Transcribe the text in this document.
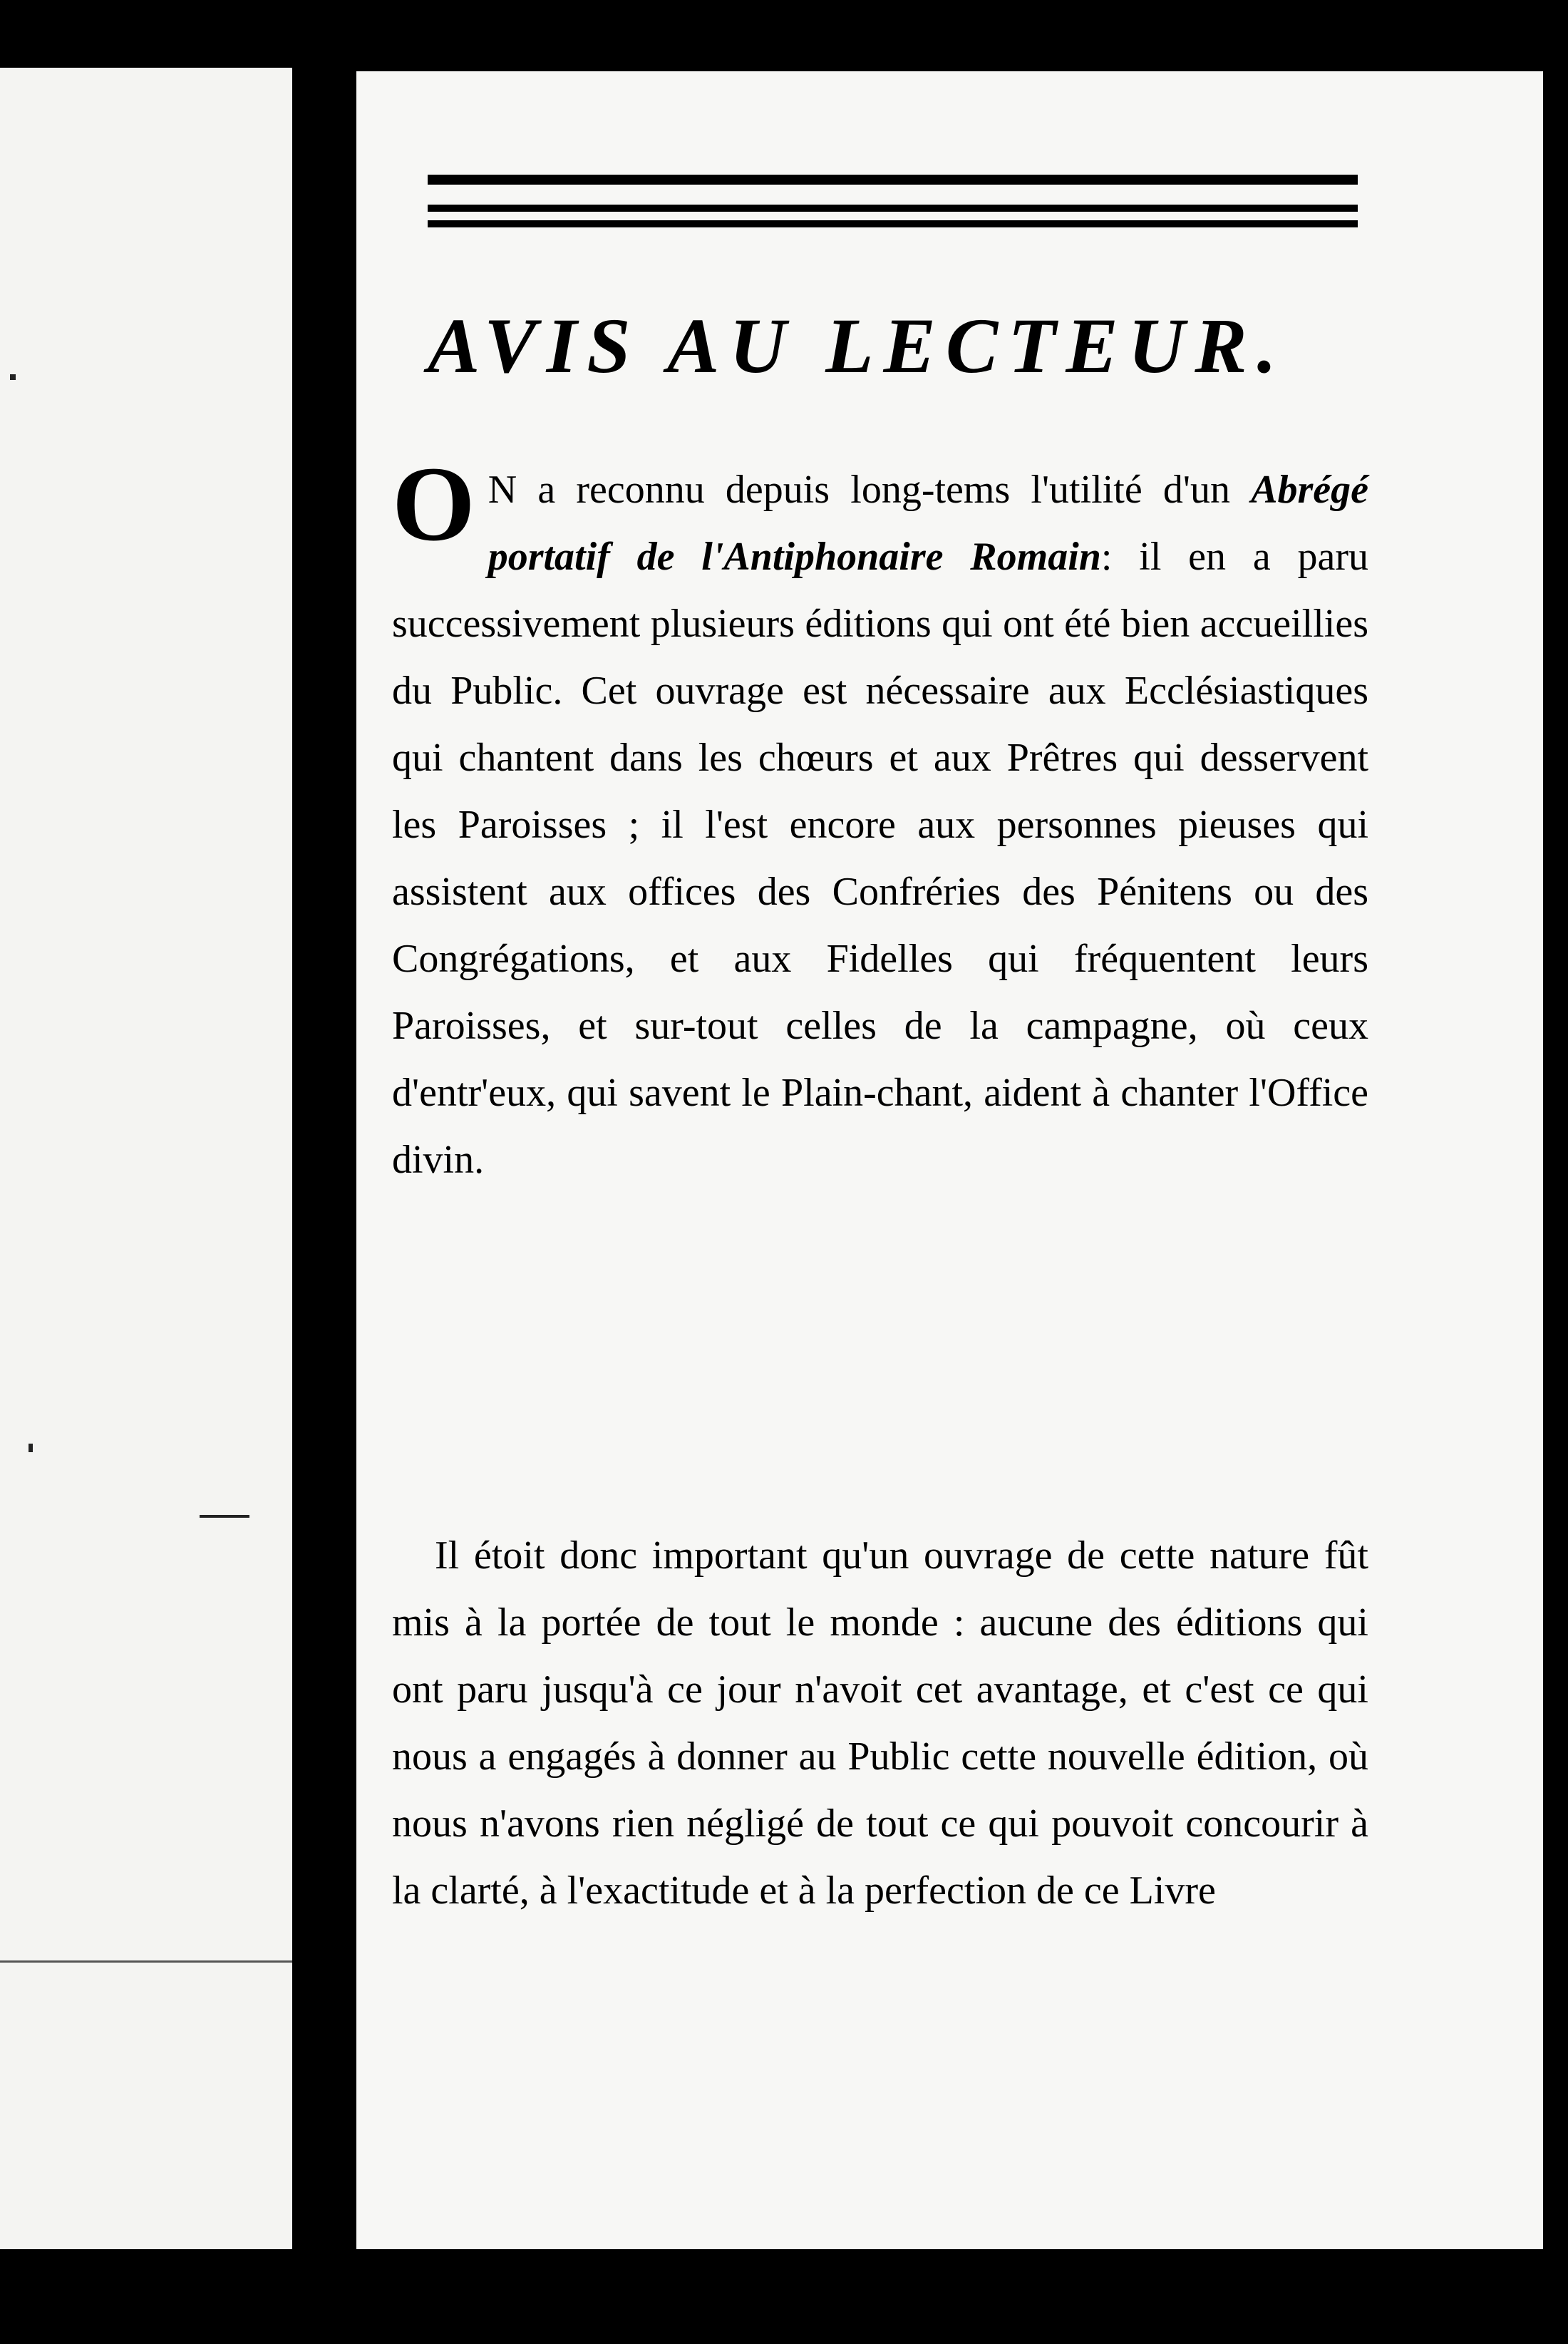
AVIS AU LECTEUR.

O N a reconnu depuis long-tems l'utilité d'un Abrégé portatif de l'Antiphonaire Romain: il en a paru successivement plusieurs éditions qui ont été bien accueillies du Public. Cet ouvrage est nécessaire aux Ecclésiastiques qui chantent dans les chœurs et aux Prêtres qui desservent les Paroisses ; il l'est encore aux personnes pieuses qui assistent aux offices des Confréries des Pénitens ou des Congrégations, et aux Fidelles qui fréquentent leurs Paroisses, et sur-tout celles de la campagne, où ceux d'entr'eux, qui savent le Plain-chant, aident à chanter l'Office divin.

Il étoit donc important qu'un ouvrage de cette nature fût mis à la portée de tout le monde : aucune des éditions qui ont paru jusqu'à ce jour n'avoit cet avantage, et c'est ce qui nous a engagés à donner au Public cette nouvelle édition, où nous n'avons rien négligé de tout ce qui pouvoit concourir à la clarté, à l'exactitude et à la perfection de ce Livre
